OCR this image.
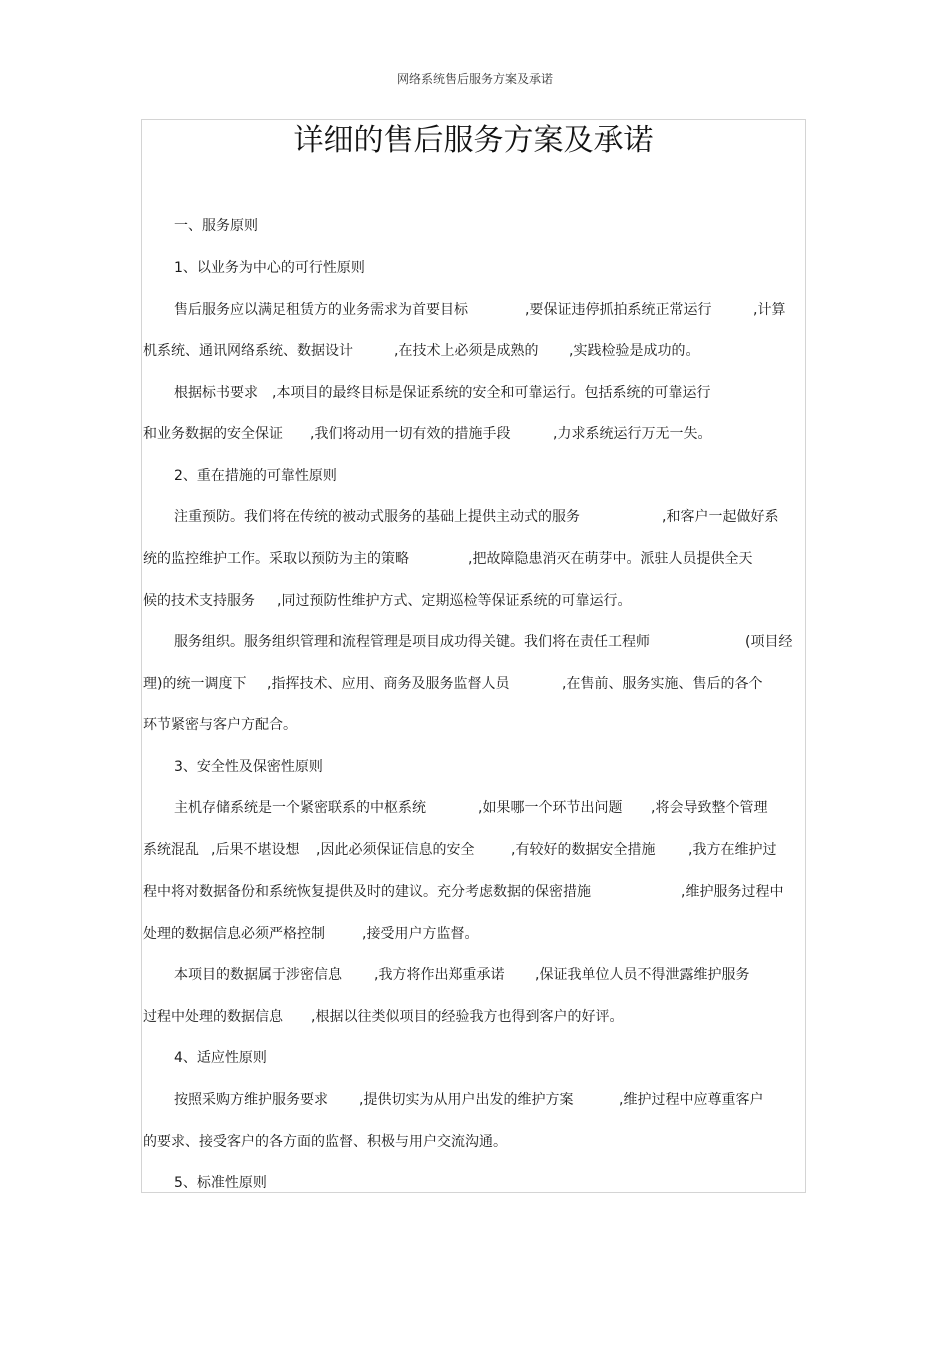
网络系统售后服务方案及承诺
详细的售后服务方案及承诺
一、服务原则
1、以业务为中心的可行性原则
售后服务应以满足租赁方的业务需求为首要目标	,要保证违停抓拍系统正常运行	,计算
机系统、通讯网络系统、数据设计	,在技术上必须是成熟的 ,实践检验是成功的。
根据标书要求 ,本项目的最终目标是保证系统的安全和可靠运行。包括系统的可靠运行
和业务数据的安全保证 ,我们将动用一切有效的措施手段	,力求系统运行万无一失。
2、重在措施的可靠性原则
注重预防。我们将在传统的被动式服务的基础上提供主动式的服务	,和客户一起做好系
统的监控维护工作。采取以预防为主的策略	,把故障隐患消灭在萌芽中。派驻人员提供全天
候的技术支持服务 ,同过预防性维护方式、定期巡检等保证系统的可靠运行。
服务组织。服务组织管理和流程管理是项目成功得关键。我们将在责任工程师	(项目经
理)的统一调度下 ,指挥技术、应用、商务及服务监督人员	,在售前、服务实施、售后的各个
环节紧密与客户方配合。
3、安全性及保密性原则
主机存储系统是一个紧密联系的中枢系统	,如果哪一个环节出问题 ,将会导致整个管理
系统混乱 ,后果不堪设想 ,因此必须保证信息的安全	,有较好的数据安全措施 ,我方在维护过
程中将对数据备份和系统恢复提供及时的建议。充分考虑数据的保密措施	,维护服务过程中
处理的数据信息必须严格控制	,接受用户方监督。
本项目的数据属于涉密信息 ,我方将作出郑重承诺 ,保证我单位人员不得泄露维护服务
过程中处理的数据信息 ,根据以往类似项目的经验我方也得到客户的好评。
4、适应性原则
按照采购方维护服务要求 ,提供切实为从用户出发的维护方案	,维护过程中应尊重客户
的要求、接受客户的各方面的监督、积极与用户交流沟通。
5、标准性原则
